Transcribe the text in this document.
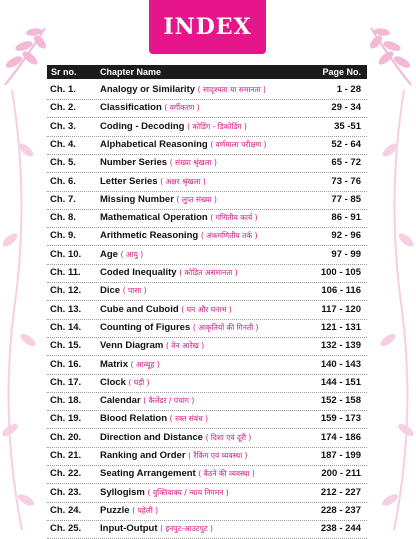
INDEX
Sr no.	Chapter Name	Page No.
Ch. 1.	Analogy or Similarity ( सादृश्यता या समानता )	1 - 28
Ch. 2.	Classification ( वर्गीकरण )	29 - 34
Ch. 3.	Coding - Decoding ( कोडिंग - डिकोडिंग )	35 -51
Ch. 4.	Alphabetical Reasoning ( वर्णमाला परीक्षण )	52 - 64
Ch. 5.	Number Series ( संख्या श्रृंखला )	65 - 72
Ch. 6.	Letter Series ( अक्षर श्रृंखला )	73 - 76
Ch. 7.	Missing Number ( लुप्त संख्या )	77 - 85
Ch. 8.	Mathematical Operation ( गणितीय कार्य )	86 - 91
Ch. 9.	Arithmetic Reasoning ( अंकगणितीय तर्क )	92 - 96
Ch. 10. Age ( आयु )	97 - 99
Ch. 11. Coded Inequality ( कोडित असमानता )	100 - 105
Ch. 12. Dice ( पासा )	106 - 116
Ch. 13. Cube and Cuboid ( घन और घनाभ )	117 - 120
Ch. 14. Counting of Figures ( आकृतियों की गिनती )	121 - 131
Ch. 15. Venn Diagram ( वेन आरेख )	132 - 139
Ch. 16. Matrix ( आव्यूह )	140 - 143
Ch. 17. Clock ( घड़ी )	144 - 151
Ch. 18. Calendar ( कैलेंडर / पंचांग )	152 - 158
Ch. 19. Blood Relation ( रक्त संबंध )	159 - 173
Ch. 20. Direction and Distance ( दिशा एवं दूरी )	174 - 186
Ch. 21. Ranking and Order ( रैंकिंग एवं व्यवस्था )	187 - 199
Ch. 22. Seating Arrangement ( बैठने की व्यवस्था )	200 - 211
Ch. 23. Syllogism ( युक्तिवाक्य / न्याय निगमन )	212 - 227
Ch. 24. Puzzle ( पहेली )	228 - 237
Ch. 25. Input-Output ( इनपुट-आउटपुट )	238 - 244
